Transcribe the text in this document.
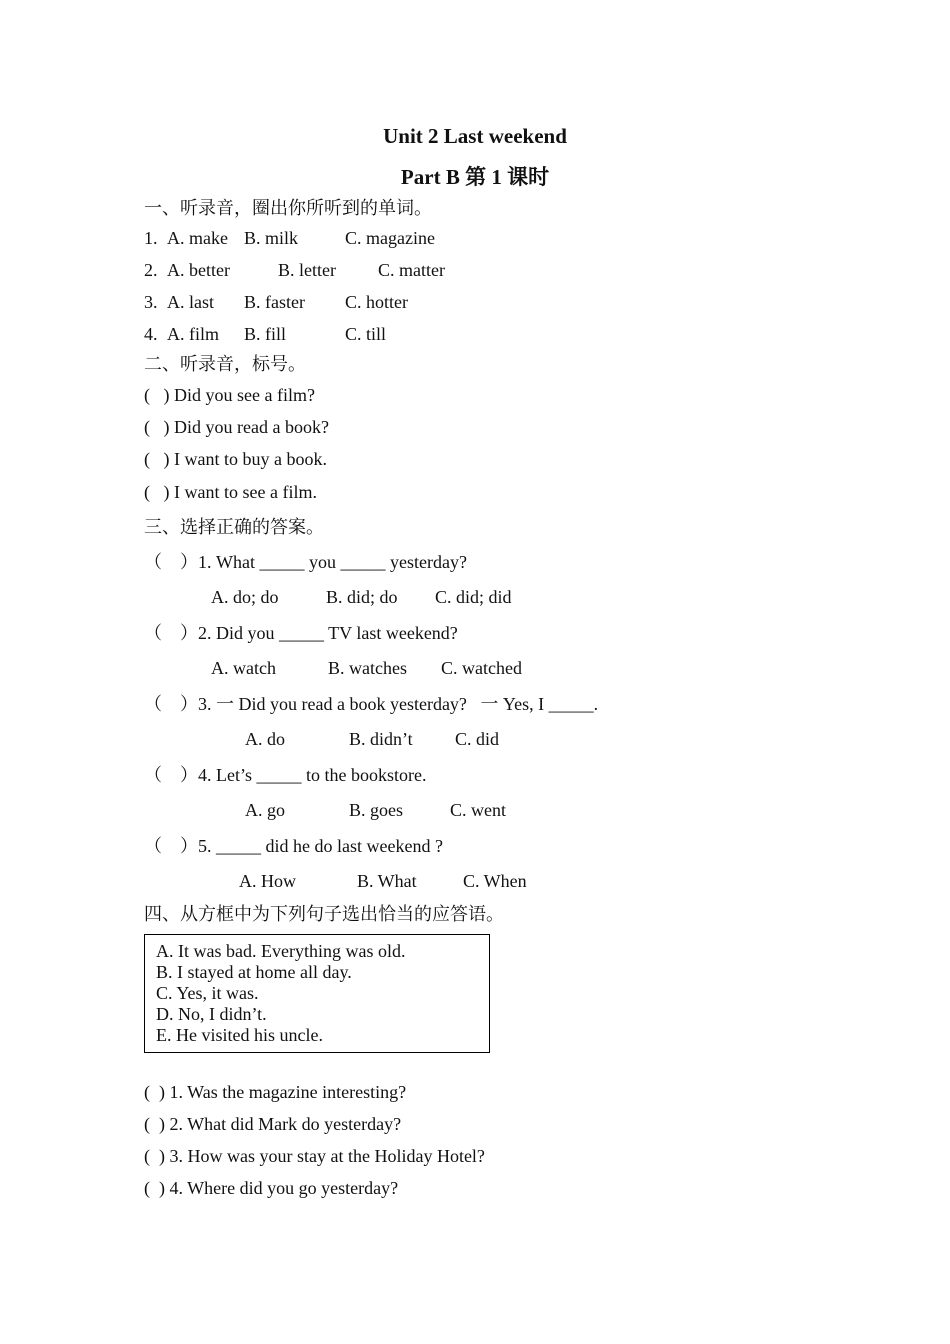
Unit 2 Last weekend
Part B 第 1 课时
一、听录音，圈出你所听到的单词。
1. A. make B. milk	C. magazine
2. A. better	B. letter C. matter
3. A. last B. faster C. hotter
4. A. film B. fill	C. till
二、听录音，标号。
(   ) Did you see a film?
(   ) Did you read a book?
(   ) I want to buy a book.
(   ) I want to see a film.
三、选择正确的答案。
（    ）1. What _____ you _____ yesterday?
A. do; do	B. did; do C. did; did
（    ）2. Did you _____ TV last weekend?
A. watch	B. watches C. watched
（    ）3. 一 Did you read a book yesterday?   一 Yes, I _____.
A. do	B. didn’t C. did
（    ）4. Let’s _____ to the bookstore.
A. go	B. goes	C. went
（    ）5. _____ did he do last weekend ?
A. How	B. What	C. When
四、从方框中为下列句子选出恰当的应答语。
A. It was bad. Everything was old.
B. I stayed at home all day.
C. Yes, it was.
D. No, I didn’t.
E. He visited his uncle.
(  ) 1. Was the magazine interesting?
(  ) 2. What did Mark do yesterday?
(  ) 3. How was your stay at the Holiday Hotel?
(  ) 4. Where did you go yesterday?
